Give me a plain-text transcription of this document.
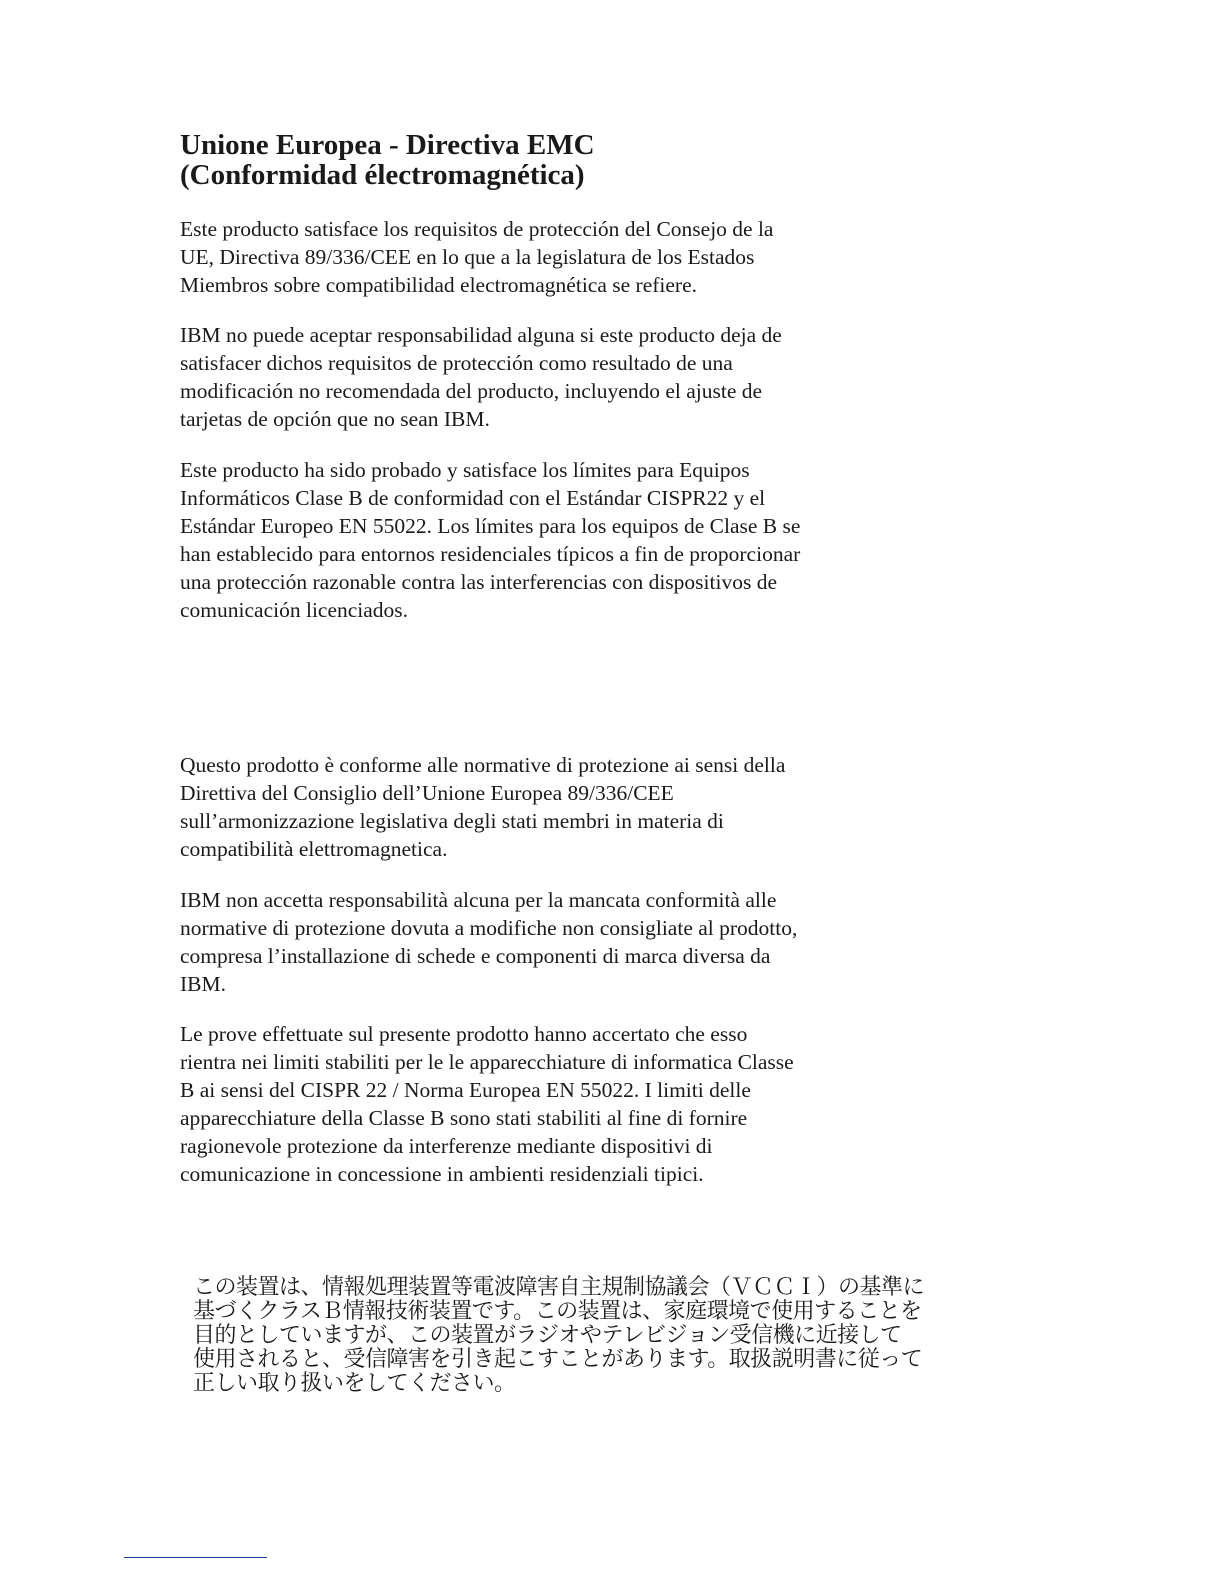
Unione Europea - Directiva EMC
(Conformidad électromagnética)

Este producto satisface los requisitos de protección del Consejo de la
UE, Directiva 89/336/CEE en lo que a la legislatura de los Estados
Miembros sobre compatibilidad electromagnética se refiere.

IBM no puede aceptar responsabilidad alguna si este producto deja de
satisfacer dichos requisitos de protección como resultado de una
modificación no recomendada del producto, incluyendo el ajuste de
tarjetas de opción que no sean IBM.

Este producto ha sido probado y satisface los límites para Equipos
Informáticos Clase B de conformidad con el Estándar CISPR22 y el
Estándar Europeo EN 55022. Los límites para los equipos de Clase B se
han establecido para entornos residenciales típicos a fin de proporcionar
una protección razonable contra las interferencias con dispositivos de
comunicación licenciados.

Questo prodotto è conforme alle normative di protezione ai sensi della
Direttiva del Consiglio dell’Unione Europea 89/336/CEE
sull’armonizzazione legislativa degli stati membri in materia di
compatibilità elettromagnetica.

IBM non accetta responsabilità alcuna per la mancata conformità alle
normative di protezione dovuta a modifiche non consigliate al prodotto,
compresa l’installazione di schede e componenti di marca diversa da
IBM.

Le prove effettuate sul presente prodotto hanno accertato che esso
rientra nei limiti stabiliti per le le apparecchiature di informatica Classe
B ai sensi del CISPR 22 / Norma Europea EN 55022. I limiti delle
apparecchiature della Classe B sono stati stabiliti al fine di fornire
ragionevole protezione da interferenze mediante dispositivi di
comunicazione in concessione in ambienti residenziali tipici.

この装置は、情報処理装置等電波障害自主規制協議会（ＶＣＣＩ）の基準に
基づくクラスＢ情報技術装置です。この装置は、家庭環境で使用することを
目的としていますが、この装置がラジオやテレビジョン受信機に近接して
使用されると、受信障害を引き起こすことがあります。取扱説明書に従って
正しい取り扱いをしてください。
